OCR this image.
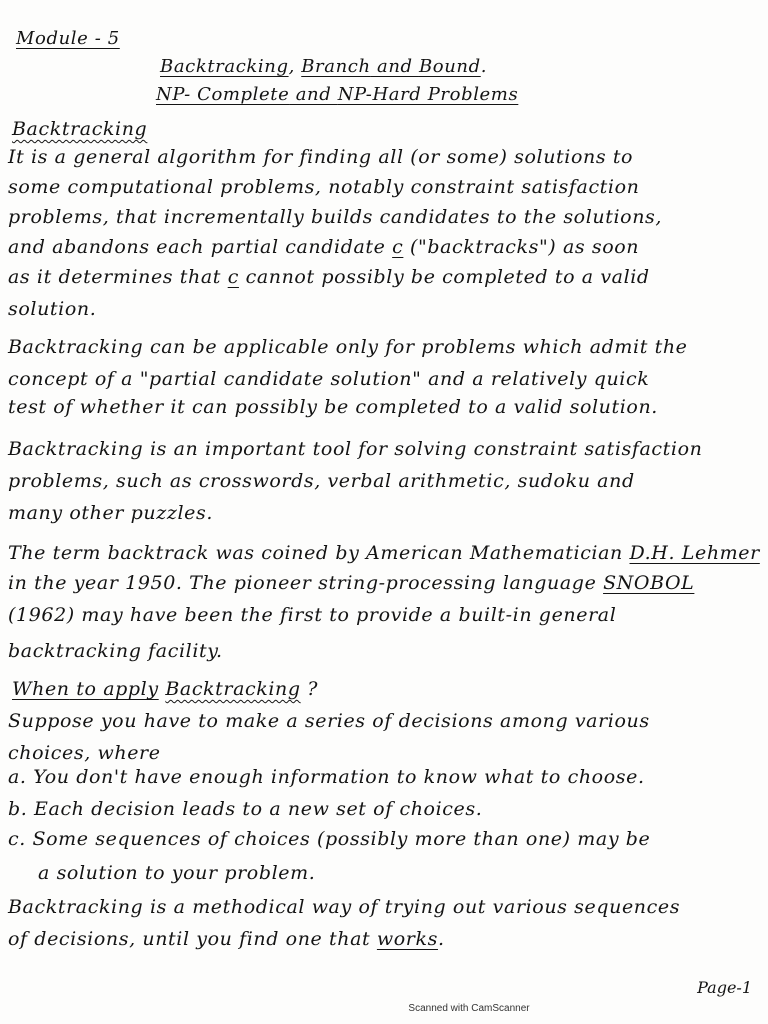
Module - 5
Backtracking, Branch and Bound.
NP- Complete and NP-Hard Problems
Backtracking
It is a general algorithm for finding all (or some) solutions to
some computational problems, notably constraint satisfaction
problems, that incrementally builds candidates to the solutions,
and abandons each partial candidate c ("backtracks") as soon
as it determines that c cannot possibly be completed to a valid
solution.
Backtracking can be applicable only for problems which admit the
concept of a "partial candidate solution" and a relatively quick
test of whether it can possibly be completed to a valid solution.
Backtracking is an important tool for solving constraint satisfaction
problems, such as crosswords, verbal arithmetic, sudoku and
many other puzzles.
The term backtrack was coined by American Mathematician D.H. Lehmer
in the year 1950. The pioneer string-processing language SNOBOL
(1962) may have been the first to provide a built-in general
backtracking facility.
When to apply Backtracking ?
Suppose you have to make a series of decisions among various
choices, where
a. You don't have enough information to know what to choose.
b. Each decision leads to a new set of choices.
c. Some sequences of choices (possibly more than one) may be
a solution to your problem.
Backtracking is a methodical way of trying out various sequences
of decisions, until you find one that works.
Page-1
Scanned with CamScanner
